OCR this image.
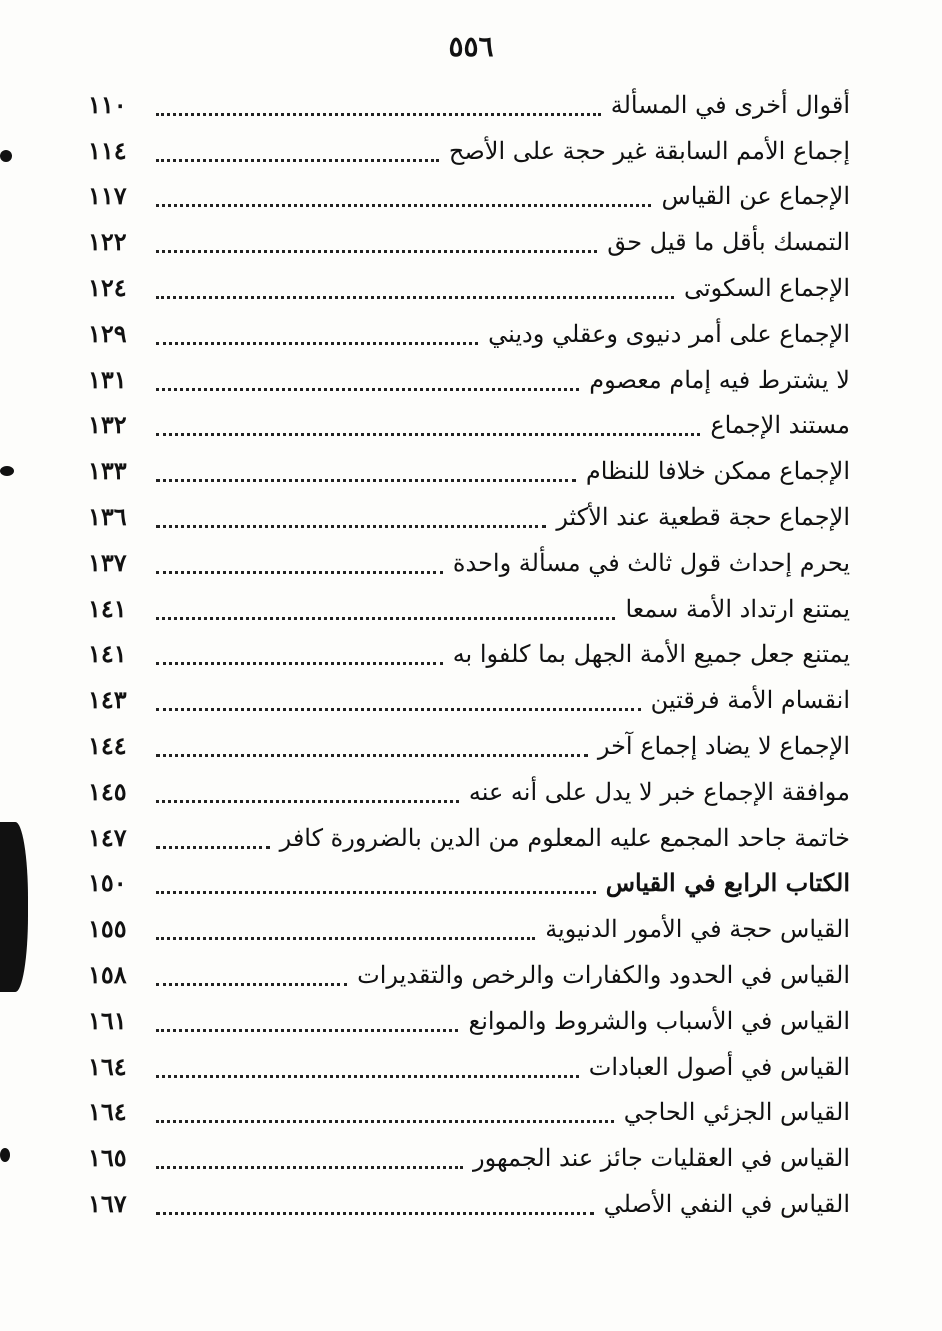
٥٥٦
أقوال أخرى في المسألة
١١٠
إجماع الأمم السابقة غير حجة على الأصح
١١٤
الإجماع عن القياس
١١٧
التمسك بأقل ما قيل حق
١٢٢
الإجماع السكوتى
١٢٤
الإجماع على أمر دنيوى وعقلي وديني
١٢٩
لا يشترط فيه إمام معصوم
١٣١
مستند الإجماع
١٣٢
الإجماع ممكن خلافا للنظام
١٣٣
الإجماع حجة قطعية عند الأكثر
١٣٦
يحرم إحداث قول ثالث في مسألة واحدة
١٣٧
يمتنع ارتداد الأمة سمعا
١٤١
يمتنع جعل جميع الأمة الجهل بما كلفوا به
١٤١
انقسام الأمة فرقتين
١٤٣
الإجماع لا يضاد إجماع آخر
١٤٤
موافقة الإجماع خبر لا يدل على أنه عنه
١٤٥
خاتمة جاحد المجمع عليه المعلوم من الدين بالضرورة كافر
١٤٧
الكتاب الرابع في القياس
١٥٠
القياس حجة في الأمور الدنيوية
١٥٥
القياس في الحدود والكفارات والرخص والتقديرات
١٥٨
القياس في الأسباب والشروط والموانع
١٦١
القياس في أصول العبادات
١٦٤
القياس الجزئي الحاجي
١٦٤
القياس في العقليات جائز عند الجمهور
١٦٥
القياس في النفي الأصلي
١٦٧
